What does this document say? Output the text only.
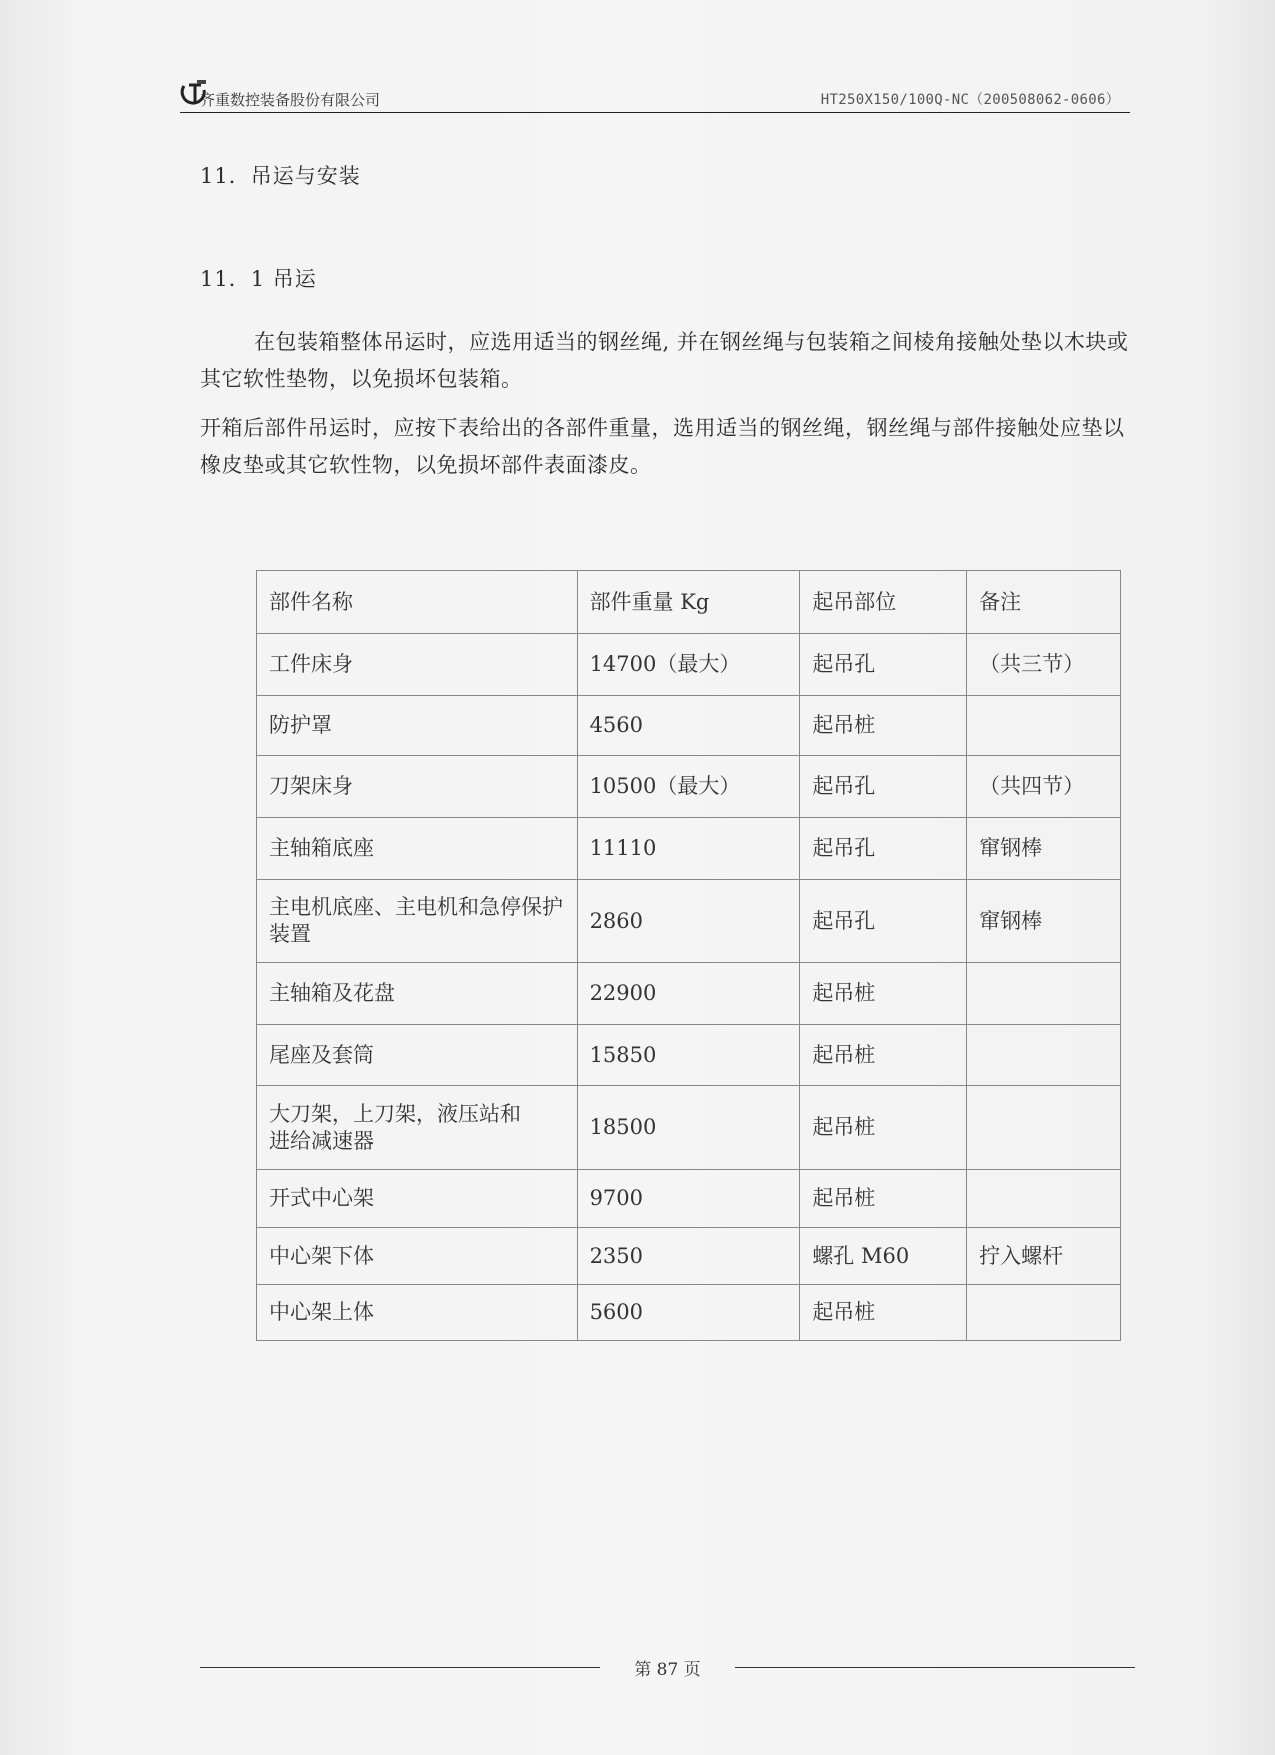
齐重数控装备股份有限公司	HT250X150/100Q-NC（200508062-0606）
11．吊运与安装
11．1 吊运

在包装箱整体吊运时，应选用适当的钢丝绳, 并在钢丝绳与包装箱之间棱角接触处垫以木块或其它软性垫物，以免损坏包装箱。

开箱后部件吊运时，应按下表给出的各部件重量，选用适当的钢丝绳，钢丝绳与部件接触处应垫以橡皮垫或其它软性物，以免损坏部件表面漆皮。

部件名称	部件重量 Kg	起吊部位	备注
工件床身	14700（最大）	起吊孔	（共三节）
防护罩	4560	起吊桩	
刀架床身	10500（最大）	起吊孔	（共四节）
主轴箱底座	11110	起吊孔	窜钢棒
主电机底座、主电机和急停保护装置	2860	起吊孔	窜钢棒
主轴箱及花盘	22900	起吊桩	
尾座及套筒	15850	起吊桩	
大刀架，上刀架，液压站和　　 进给减速器	18500	起吊桩	
开式中心架	9700	起吊桩	
中心架下体	2350	螺孔 M60	拧入螺杆
中心架上体	5600	起吊桩	
第 87 页
